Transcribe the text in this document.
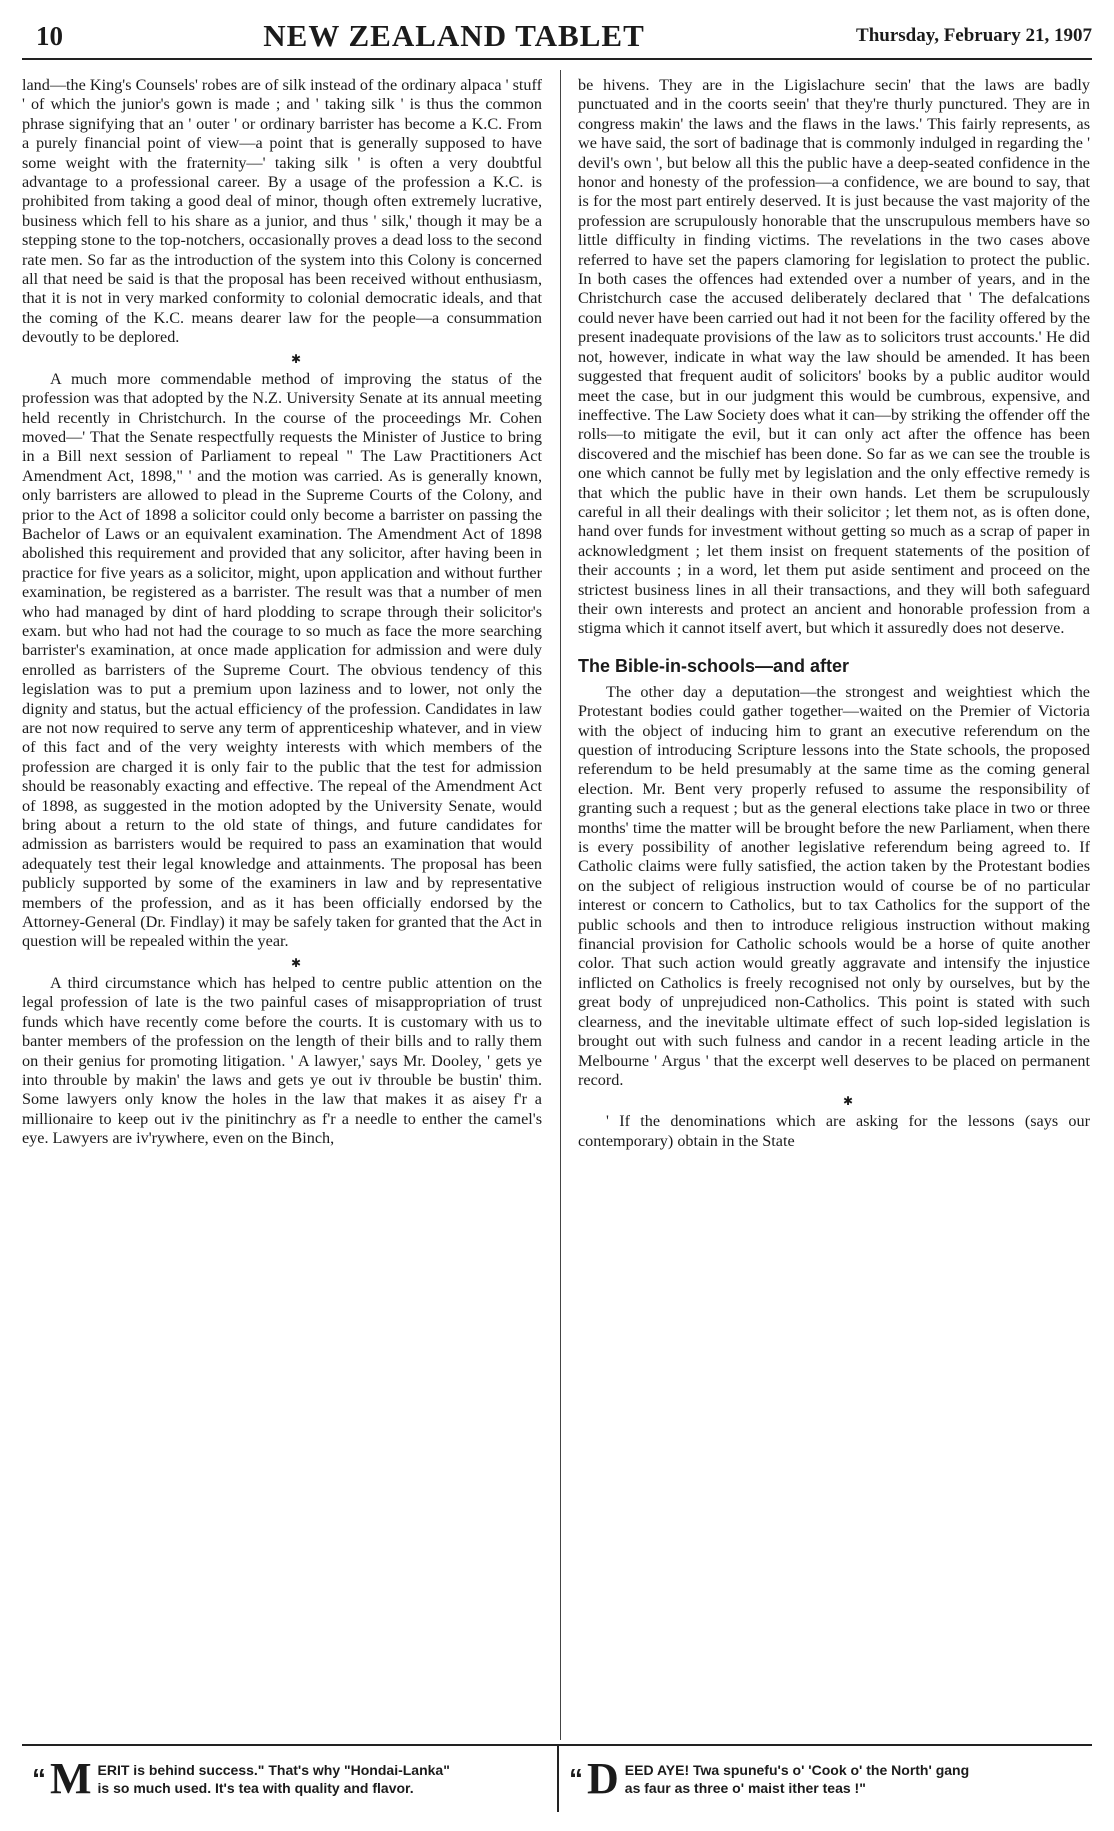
10	NEW ZEALAND TABLET	Thursday, February 21, 1907

land—the King's Counsels' robes are of silk instead of the ordinary alpaca ' stuff ' of which the junior's gown is made ; and ' taking silk ' is thus the common phrase signifying that an ' outer ' or ordinary barrister has become a K.C. From a purely financial point of view—a point that is generally supposed to have some weight with the fraternity—' taking silk ' is often a very doubtful advantage to a professional career. By a usage of the profession a K.C. is prohibited from taking a good deal of minor, though often extremely lucrative, business which fell to his share as a junior, and thus ' silk,' though it may be a stepping stone to the top-notchers, occasionally proves a dead loss to the second rate men. So far as the introduction of the system into this Colony is concerned all that need be said is that the proposal has been received without enthusiasm, that it is not in very marked conformity to colonial democratic ideals, and that the coming of the K.C. means dearer law for the people—a consummation devoutly to be deplored.

✱

A much more commendable method of improving the status of the profession was that adopted by the N.Z. University Senate at its annual meeting held recently in Christchurch. In the course of the proceedings Mr. Cohen moved—' That the Senate respectfully requests the Minister of Justice to bring in a Bill next session of Parliament to repeal " The Law Practitioners Act Amendment Act, 1898," ' and the motion was carried. As is generally known, only barristers are allowed to plead in the Supreme Courts of the Colony, and prior to the Act of 1898 a solicitor could only become a barrister on passing the Bachelor of Laws or an equivalent examination. The Amendment Act of 1898 abolished this requirement and provided that any solicitor, after having been in practice for five years as a solicitor, might, upon application and without further examination, be registered as a barrister. The result was that a number of men who had managed by dint of hard plodding to scrape through their solicitor's exam. but who had not had the courage to so much as face the more searching barrister's examination, at once made application for admission and were duly enrolled as barristers of the Supreme Court. The obvious tendency of this legislation was to put a premium upon laziness and to lower, not only the dignity and status, but the actual efficiency of the profession. Candidates in law are not now required to serve any term of apprenticeship whatever, and in view of this fact and of the very weighty interests with which members of the profession are charged it is only fair to the public that the test for admission should be reasonably exacting and effective. The repeal of the Amendment Act of 1898, as suggested in the motion adopted by the University Senate, would bring about a return to the old state of things, and future candidates for admission as barristers would be required to pass an examination that would adequately test their legal knowledge and attainments. The proposal has been publicly supported by some of the examiners in law and by representative members of the profession, and as it has been officially endorsed by the Attorney-General (Dr. Findlay) it may be safely taken for granted that the Act in question will be repealed within the year.

✱

A third circumstance which has helped to centre public attention on the legal profession of late is the two painful cases of misappropriation of trust funds which have recently come before the courts. It is customary with us to banter members of the profession on the length of their bills and to rally them on their genius for promoting litigation. ' A lawyer,' says Mr. Dooley, ' gets ye into throuble by makin' the laws and gets ye out iv throuble be bustin' thim. Some lawyers only know the holes in the law that makes it as aisey f'r a millionaire to keep out iv the pinitinchry as f'r a needle to enther the camel's eye. Lawyers are iv'rywhere, even on the Binch,

be hivens. They are in the Ligislachure secin' that the laws are badly punctuated and in the coorts seein' that they're thurly punctured. They are in congress makin' the laws and the flaws in the laws.' This fairly represents, as we have said, the sort of badinage that is commonly indulged in regarding the ' devil's own ', but below all this the public have a deep-seated confidence in the honor and honesty of the profession—a confidence, we are bound to say, that is for the most part entirely deserved. It is just because the vast majority of the profession are scrupulously honorable that the unscrupulous members have so little difficulty in finding victims. The revelations in the two cases above referred to have set the papers clamoring for legislation to protect the public. In both cases the offences had extended over a number of years, and in the Christchurch case the accused deliberately declared that ' The defalcations could never have been carried out had it not been for the facility offered by the present inadequate provisions of the law as to solicitors trust accounts.' He did not, however, indicate in what way the law should be amended. It has been suggested that frequent audit of solicitors' books by a public auditor would meet the case, but in our judgment this would be cumbrous, expensive, and ineffective. The Law Society does what it can—by striking the offender off the rolls—to mitigate the evil, but it can only act after the offence has been discovered and the mischief has been done. So far as we can see the trouble is one which cannot be fully met by legislation and the only effective remedy is that which the public have in their own hands. Let them be scrupulously careful in all their dealings with their solicitor ; let them not, as is often done, hand over funds for investment without getting so much as a scrap of paper in acknowledgment ; let them insist on frequent statements of the position of their accounts ; in a word, let them put aside sentiment and proceed on the strictest business lines in all their transactions, and they will both safeguard their own interests and protect an ancient and honorable profession from a stigma which it cannot itself avert, but which it assuredly does not deserve.

The Bible-in-schools—and after

The other day a deputation—the strongest and weightiest which the Protestant bodies could gather together—waited on the Premier of Victoria with the object of inducing him to grant an executive referendum on the question of introducing Scripture lessons into the State schools, the proposed referendum to be held presumably at the same time as the coming general election. Mr. Bent very properly refused to assume the responsibility of granting such a request ; but as the general elections take place in two or three months' time the matter will be brought before the new Parliament, when there is every possibility of another legislative referendum being agreed to. If Catholic claims were fully satisfied, the action taken by the Protestant bodies on the subject of religious instruction would of course be of no particular interest or concern to Catholics, but to tax Catholics for the support of the public schools and then to introduce religious instruction without making financial provision for Catholic schools would be a horse of quite another color. That such action would greatly aggravate and intensify the injustice inflicted on Catholics is freely recognised not only by ourselves, but by the great body of unprejudiced non-Catholics. This point is stated with such clearness, and the inevitable ultimate effect of such lop-sided legislation is brought out with such fulness and candor in a recent leading article in the Melbourne ' Argus ' that the excerpt well deserves to be placed on permanent record.

✱

' If the denominations which are asking for the lessons (says our contemporary) obtain in the State

“ M ERIT is behind success." That's why "Hondai-Lanka"
is so much used. It's tea with quality and flavor.	“ D EED AYE! Twa spunefu's o' 'Cook o' the North' gang
as faur as three o' maist ither teas !"
